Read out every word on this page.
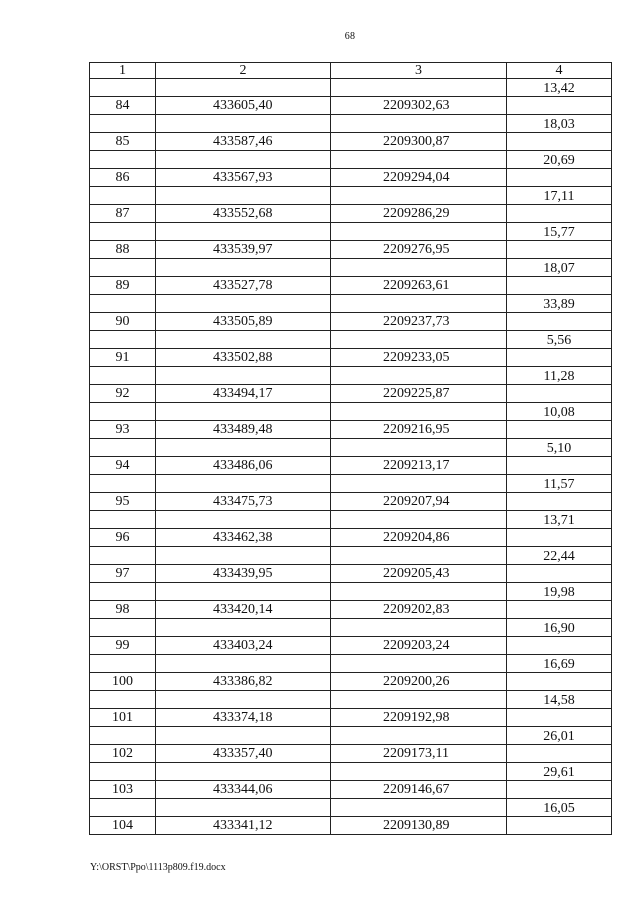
68
1	2	3	4
			13,42
84	433605,40	2209302,63	
			18,03
85	433587,46	2209300,87	
			20,69
86	433567,93	2209294,04	
			17,11
87	433552,68	2209286,29	
			15,77
88	433539,97	2209276,95	
			18,07
89	433527,78	2209263,61	
			33,89
90	433505,89	2209237,73	
			5,56
91	433502,88	2209233,05	
			11,28
92	433494,17	2209225,87	
			10,08
93	433489,48	2209216,95	
			5,10
94	433486,06	2209213,17	
			11,57
95	433475,73	2209207,94	
			13,71
96	433462,38	2209204,86	
			22,44
97	433439,95	2209205,43	
			19,98
98	433420,14	2209202,83	
			16,90
99	433403,24	2209203,24	
			16,69
100	433386,82	2209200,26	
			14,58
101	433374,18	2209192,98	
			26,01
102	433357,40	2209173,11	
			29,61
103	433344,06	2209146,67	
			16,05
104	433341,12	2209130,89	
Y:\ORST\Ppo\1113p809.f19.docx
